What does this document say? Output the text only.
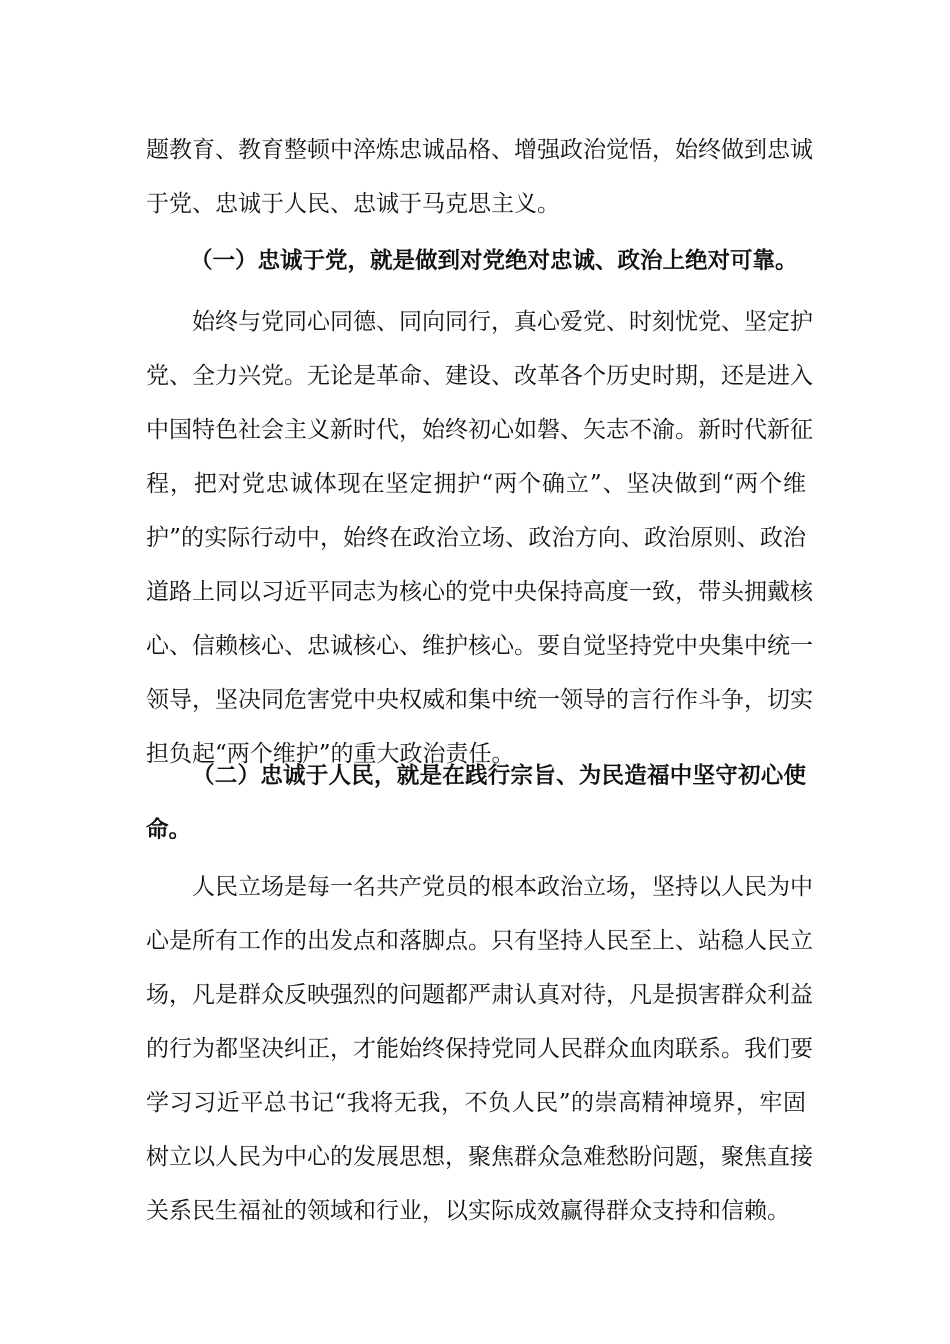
题教育、教育整顿中淬炼忠诚品格、增强政治觉悟，始终做到忠诚
于党、忠诚于人民、忠诚于马克思主义。
（一）忠诚于党，就是做到对党绝对忠诚、政治上绝对可靠。
始终与党同心同德、同向同行，真心爱党、时刻忧党、坚定护
党、全力兴党。无论是革命、建设、改革各个历史时期，还是进入
中国特色社会主义新时代，始终初心如磐、矢志不渝。新时代新征
程，把对党忠诚体现在坚定拥护“两个确立”、坚决做到“两个维
护”的实际行动中，始终在政治立场、政治方向、政治原则、政治
道路上同以习近平同志为核心的党中央保持高度一致，带头拥戴核
心、信赖核心、忠诚核心、维护核心。要自觉坚持党中央集中统一
领导，坚决同危害党中央权威和集中统一领导的言行作斗争，切实
担负起“两个维护”的重大政治责任。
（二）忠诚于人民，就是在践行宗旨、为民造福中坚守初心使
命。
人民立场是每一名共产党员的根本政治立场，坚持以人民为中
心是所有工作的出发点和落脚点。只有坚持人民至上、站稳人民立
场，凡是群众反映强烈的问题都严肃认真对待，凡是损害群众利益
的行为都坚决纠正，才能始终保持党同人民群众血肉联系。我们要
学习习近平总书记“我将无我，不负人民”的崇高精神境界，牢固
树立以人民为中心的发展思想，聚焦群众急难愁盼问题，聚焦直接
关系民生福祉的领域和行业，以实际成效赢得群众支持和信赖。
